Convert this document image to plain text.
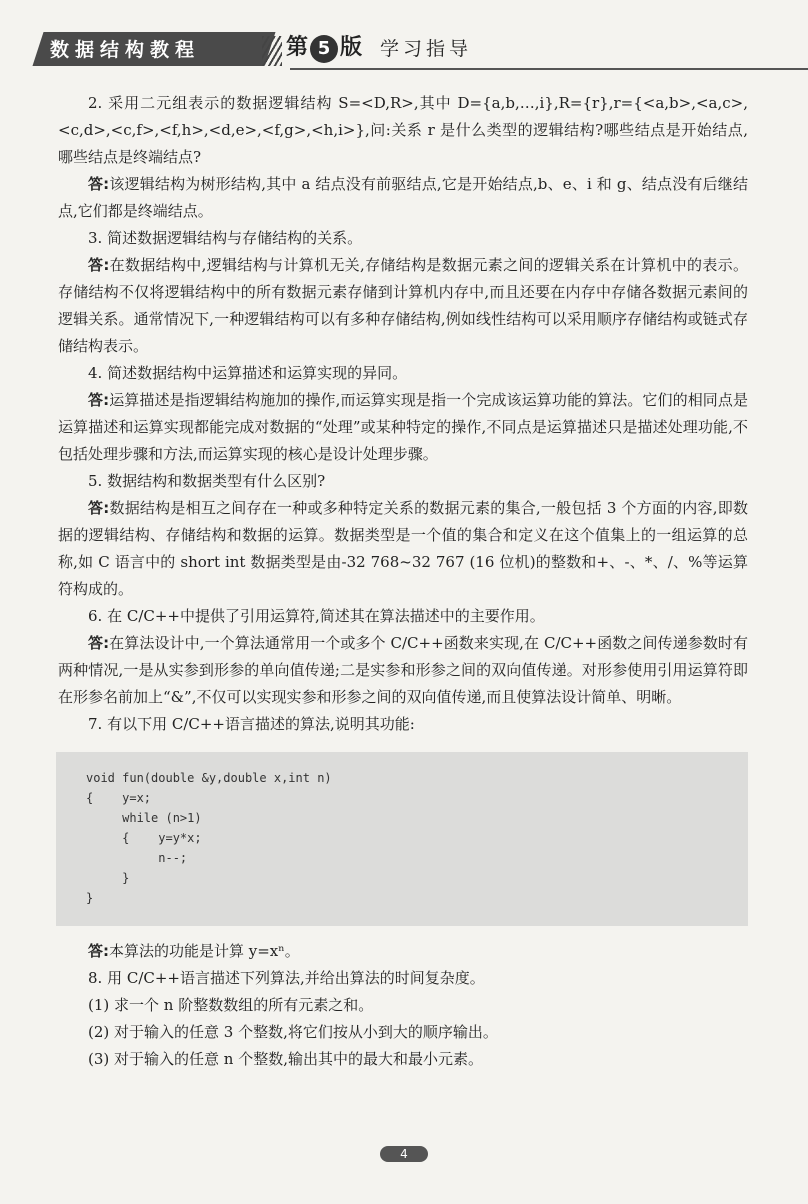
数据结构教程	第 5 版 学习指导

2. 采用二元组表示的数据逻辑结构 S=<D,R>,其中 D={a,b,…,i},R={r},r={<a,b>,<a,c>,<c,d>,<c,f>,<f,h>,<d,e>,<f,g>,<h,i>},问:关系 r 是什么类型的逻辑结构?哪些结点是开始结点,哪些结点是终端结点?

答:该逻辑结构为树形结构,其中 a 结点没有前驱结点,它是开始结点,b、e、i 和 g、结点没有后继结点,它们都是终端结点。

3. 简述数据逻辑结构与存储结构的关系。

答:在数据结构中,逻辑结构与计算机无关,存储结构是数据元素之间的逻辑关系在计算机中的表示。存储结构不仅将逻辑结构中的所有数据元素存储到计算机内存中,而且还要在内存中存储各数据元素间的逻辑关系。通常情况下,一种逻辑结构可以有多种存储结构,例如线性结构可以采用顺序存储结构或链式存储结构表示。

4. 简述数据结构中运算描述和运算实现的异同。

答:运算描述是指逻辑结构施加的操作,而运算实现是指一个完成该运算功能的算法。它们的相同点是运算描述和运算实现都能完成对数据的“处理”或某种特定的操作,不同点是运算描述只是描述处理功能,不包括处理步骤和方法,而运算实现的核心是设计处理步骤。

5. 数据结构和数据类型有什么区别?

答:数据结构是相互之间存在一种或多种特定关系的数据元素的集合,一般包括 3 个方面的内容,即数据的逻辑结构、存储结构和数据的运算。数据类型是一个值的集合和定义在这个值集上的一组运算的总称,如 C 语言中的 short int 数据类型是由-32 768~32 767 (16 位机)的整数和+、-、*、/、%等运算符构成的。

6. 在 C/C++中提供了引用运算符,简述其在算法描述中的主要作用。

答:在算法设计中,一个算法通常用一个或多个 C/C++函数来实现,在 C/C++函数之间传递参数时有两种情况,一是从实参到形参的单向值传递;二是实参和形参之间的双向值传递。对形参使用引用运算符即在形参名前加上“&”,不仅可以实现实参和形参之间的双向值传递,而且使算法设计简单、明晰。

7. 有以下用 C/C++语言描述的算法,说明其功能:

void fun(double &y,double x,int n)
{    y=x;
while (n>1)
{    y=y*x;
n--;
}
}

答:本算法的功能是计算 y=xⁿ。

8. 用 C/C++语言描述下列算法,并给出算法的时间复杂度。

(1) 求一个 n 阶整数数组的所有元素之和。

(2) 对于输入的任意 3 个整数,将它们按从小到大的顺序输出。

(3) 对于输入的任意 n 个整数,输出其中的最大和最小元素。

4
